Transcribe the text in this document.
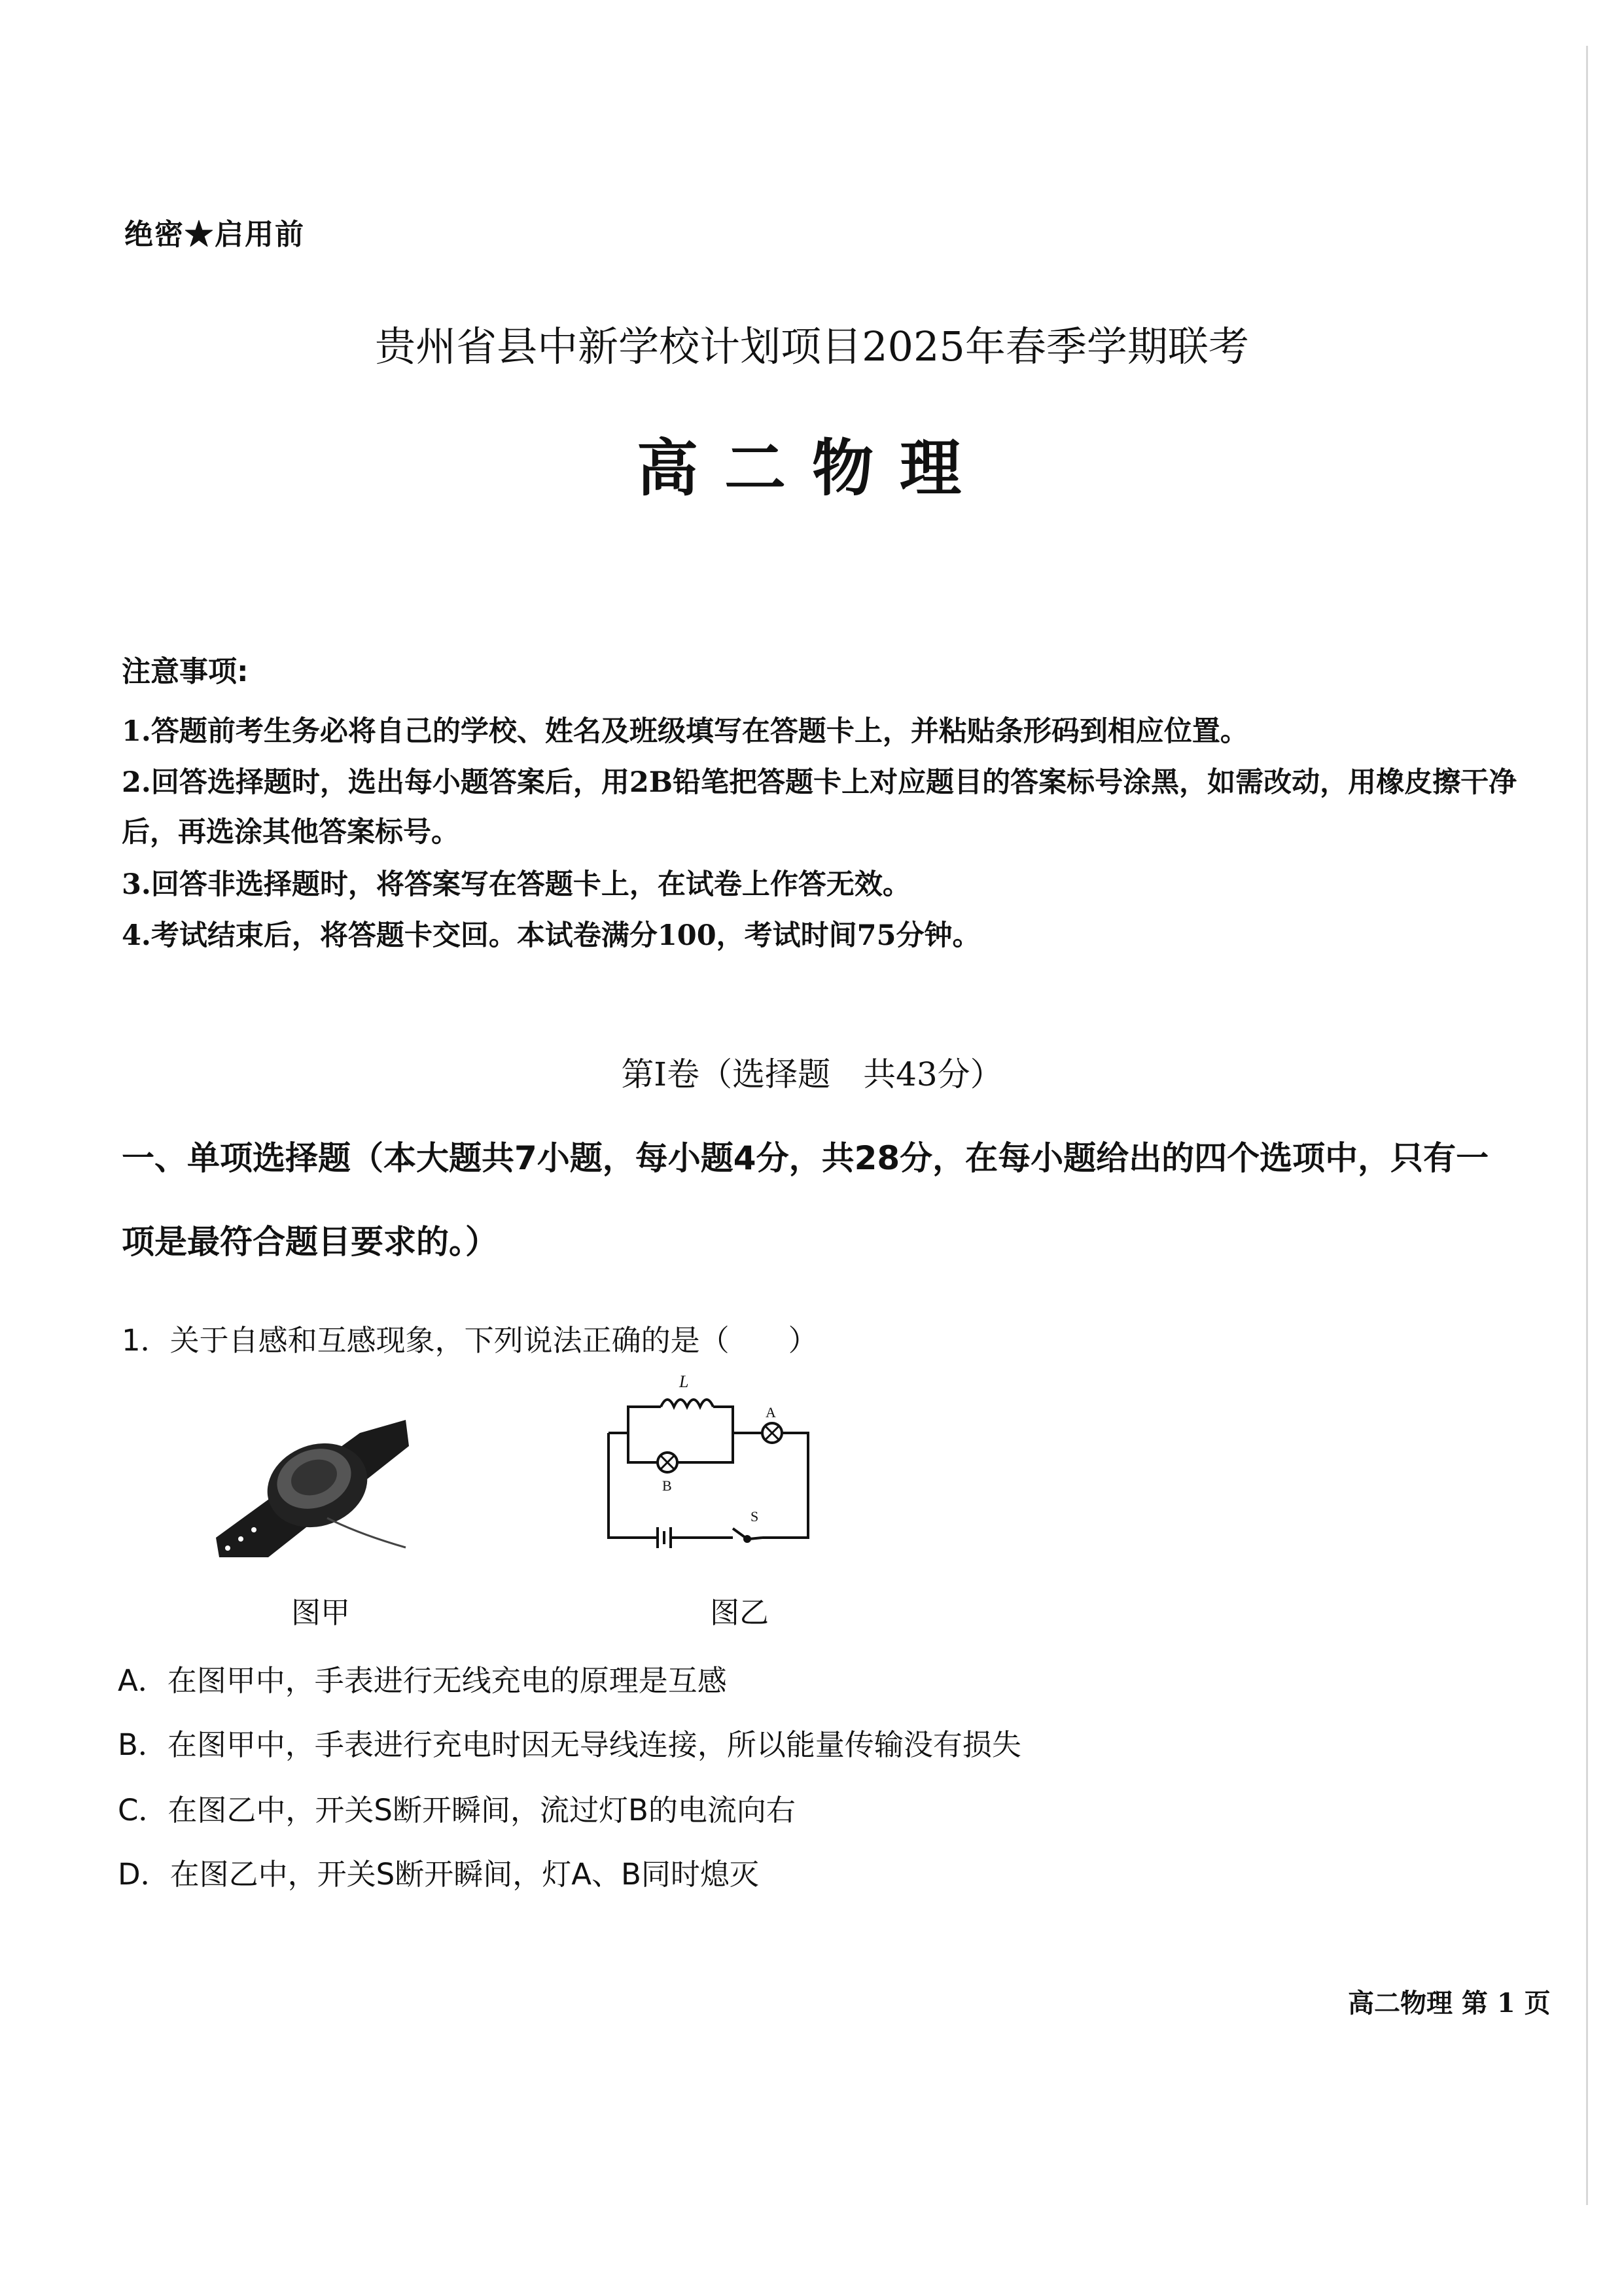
绝密★启用前
贵州省县中新学校计划项目2025年春季学期联考
高二物理
注意事项:
1.答题前考生务必将自己的学校、姓名及班级填写在答题卡上，并粘贴条形码到相应位置。
2.回答选择题时，选出每小题答案后，用2B铅笔把答题卡上对应题目的答案标号涂黑，如需改动，用橡皮擦干净后，再选涂其他答案标号。
3.回答非选择题时，将答案写在答题卡上，在试卷上作答无效。
4.考试结束后，将答题卡交回。本试卷满分100，考试时间75分钟。
第I卷（选择题　共43分）
一、单项选择题（本大题共7小题，每小题4分，共28分，在每小题给出的四个选项中，只有一
项是最符合题目要求的。）
1．关于自感和互感现象，下列说法正确的是（　　）
图甲
L
A
B
S
图乙
A．在图甲中，手表进行无线充电的原理是互感
B．在图甲中，手表进行充电时因无导线连接，所以能量传输没有损失
C．在图乙中，开关S断开瞬间，流过灯B的电流向右
D．在图乙中，开关S断开瞬间，灯A、B同时熄灭
高二物理 第 1 页
